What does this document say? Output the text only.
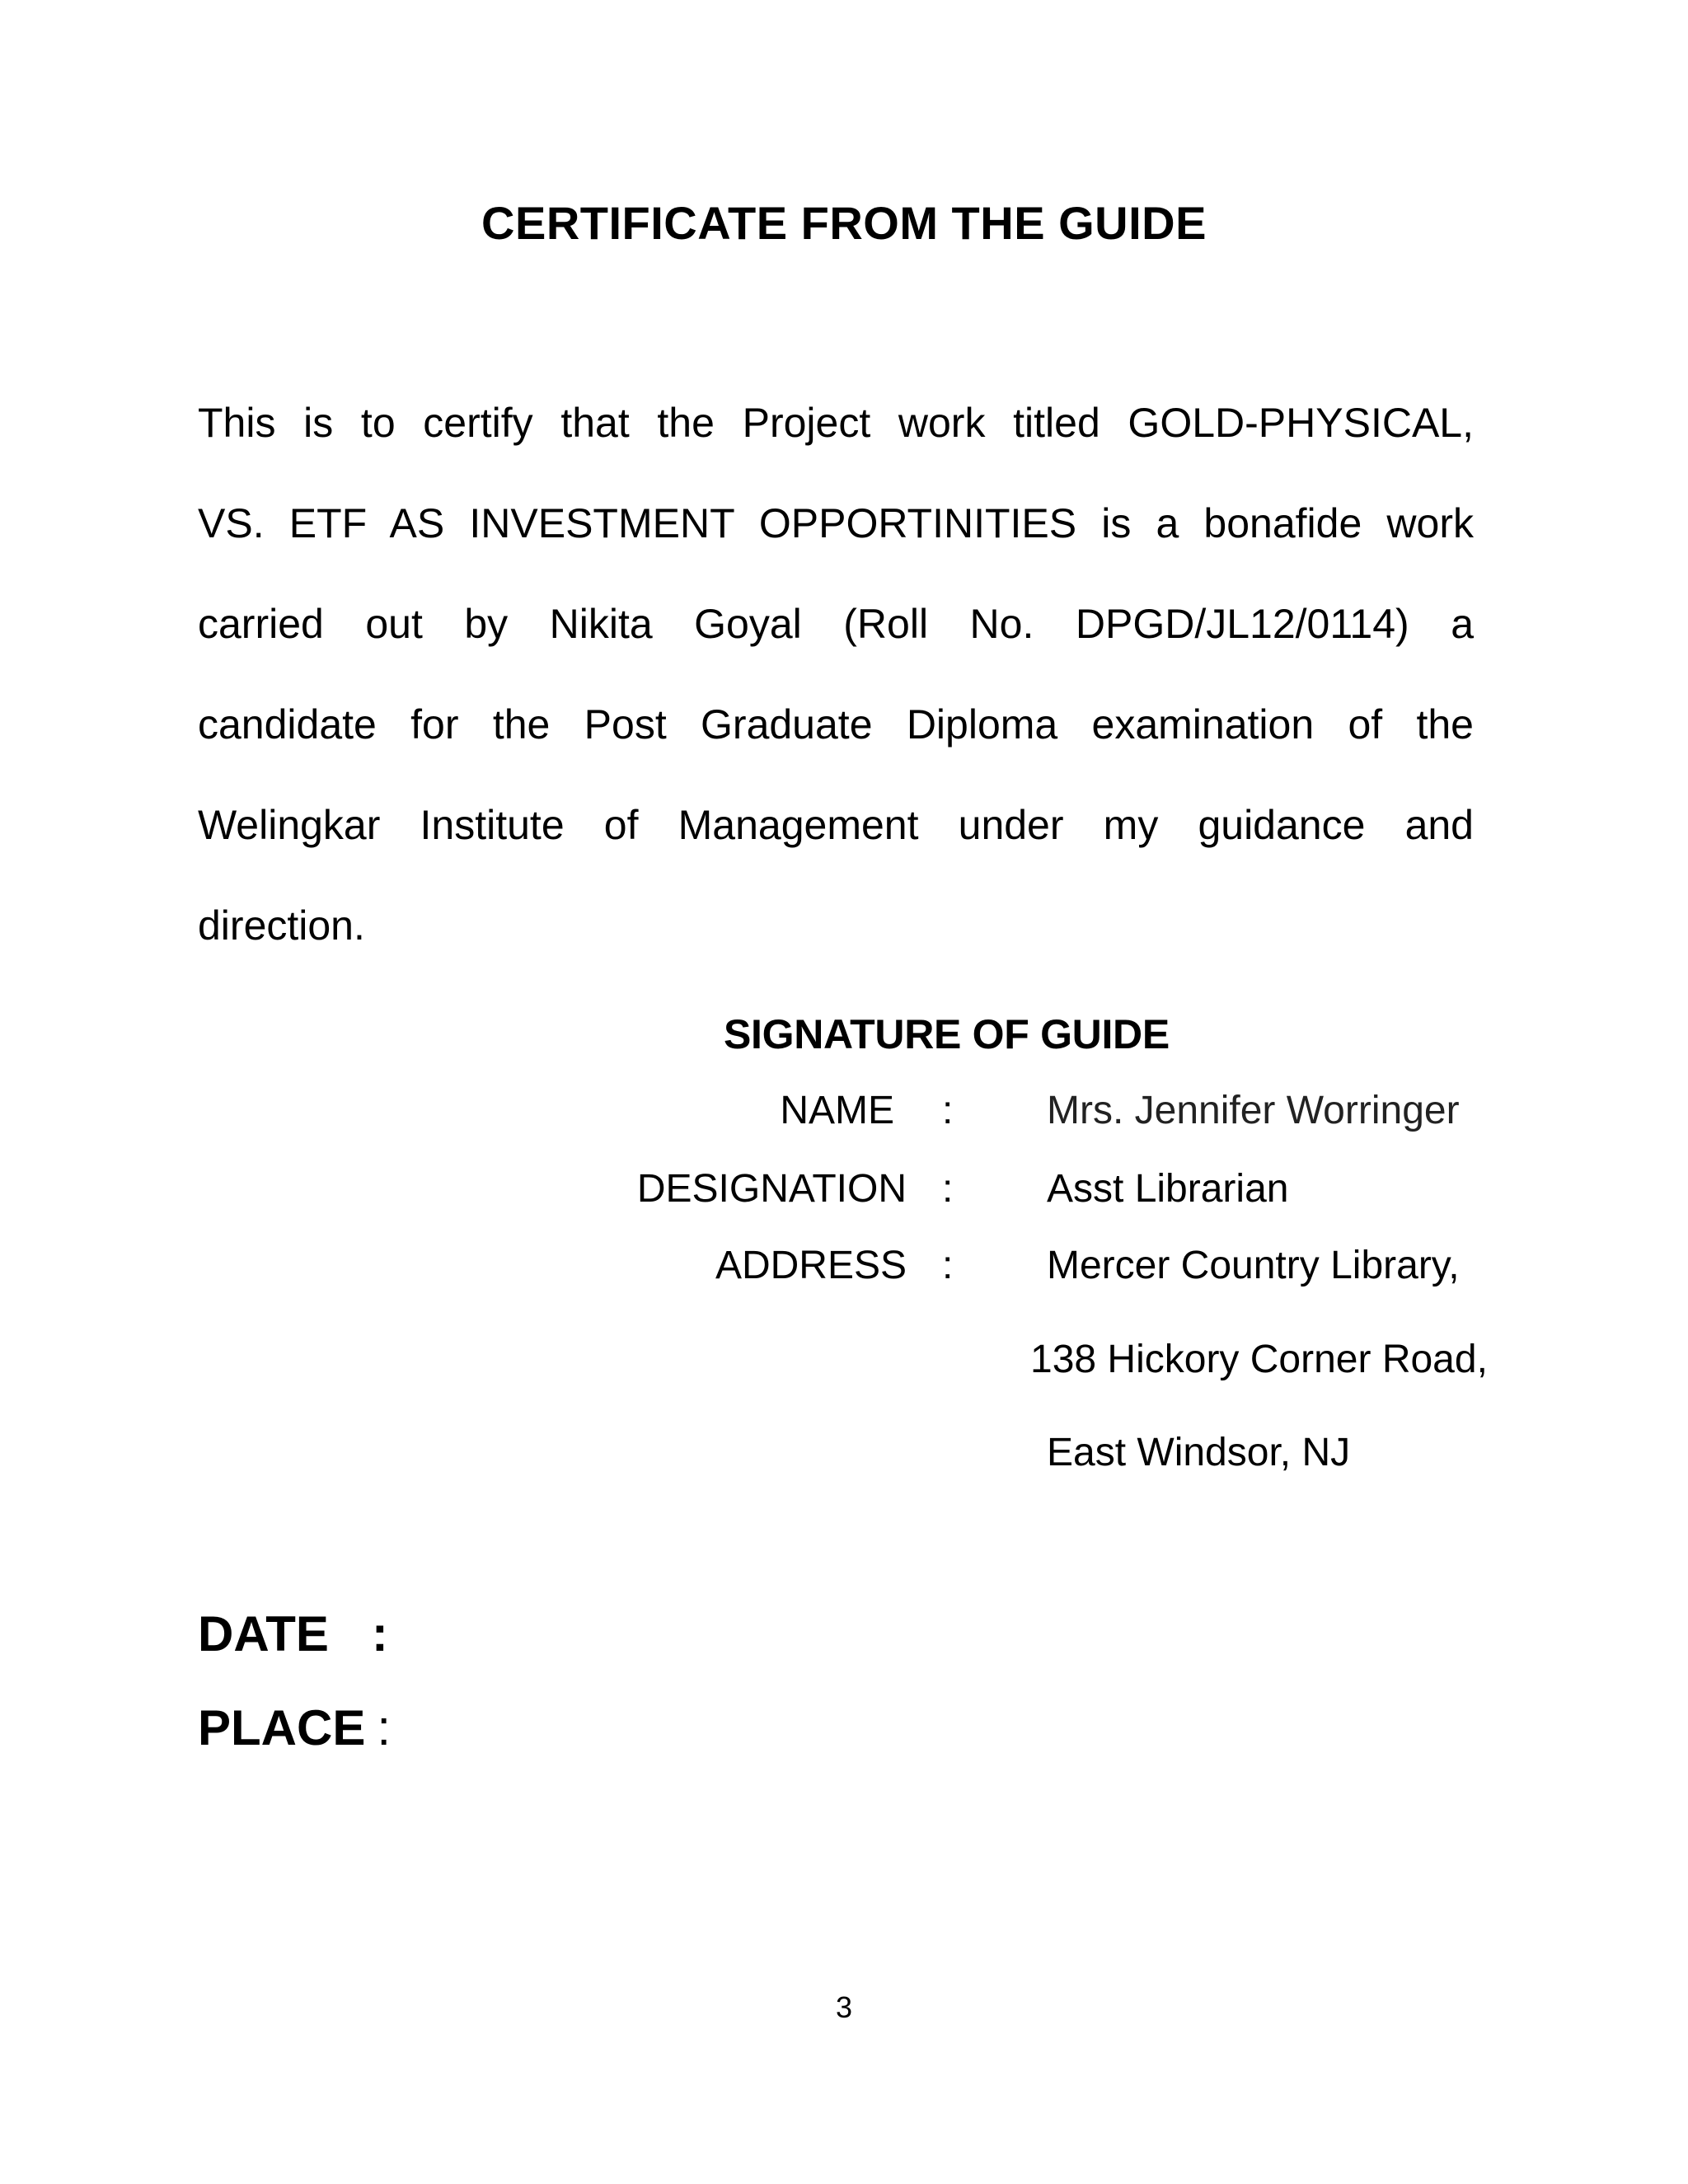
CERTIFICATE FROM THE GUIDE

This is to certify that the Project work titled GOLD-PHYSICAL,
VS. ETF AS INVESTMENT OPPORTINITIES is a bonafide work
carried out by Nikita Goyal (Roll No. DPGD/JL12/0114) a
candidate for the Post Graduate Diploma examination of the
Welingkar Institute of Management under my guidance and
direction.

SIGNATURE OF GUIDE
NAME : Mrs. Jennifer Worringer
DESIGNATION : Asst Librarian
ADDRESS : Mercer Country Library,
138 Hickory Corner Road,
East Windsor, NJ
DATE :
PLACE :
3
